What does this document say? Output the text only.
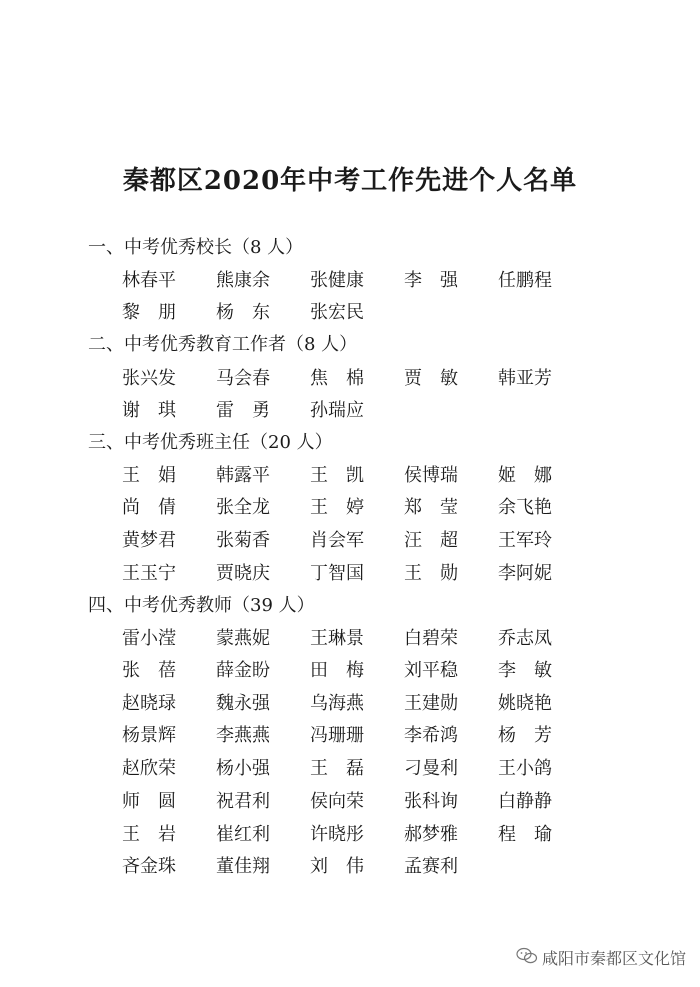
秦都区2020年中考工作先进个人名单
一、中考优秀校长（8 人）
林春平	熊康余	张健康	李　强	任鹏程
黎　朋	杨　东	张宏民
二、中考优秀教育工作者（8 人）
张兴发	马会春	焦　棉	贾　敏	韩亚芳
谢　琪	雷　勇	孙瑞应
三、中考优秀班主任（20 人）
王　娟	韩露平	王　凯	侯博瑞	姬　娜
尚　倩	张全龙	王　婷	郑　莹	余飞艳
黄梦君	张菊香	肖会军	汪　超	王军玲
王玉宁	贾晓庆	丁智国	王　勋	李阿妮
四、中考优秀教师（39 人）
雷小滢	蒙燕妮	王琳景	白碧荣	乔志凤
张　蓓	薛金盼	田　梅	刘平稳	李　敏
赵晓琭	魏永强	乌海燕	王建勋	姚晓艳
杨景辉	李燕燕	冯珊珊	李希鸿	杨　芳
赵欣荣	杨小强	王　磊	刁曼利	王小鸽
师　圆	祝君利	侯向荣	张科询	白静静
王　岩	崔红利	许晓彤	郝梦雅	程　瑜
吝金珠	董佳翔	刘　伟	孟赛利
咸阳市秦都区文化馆
